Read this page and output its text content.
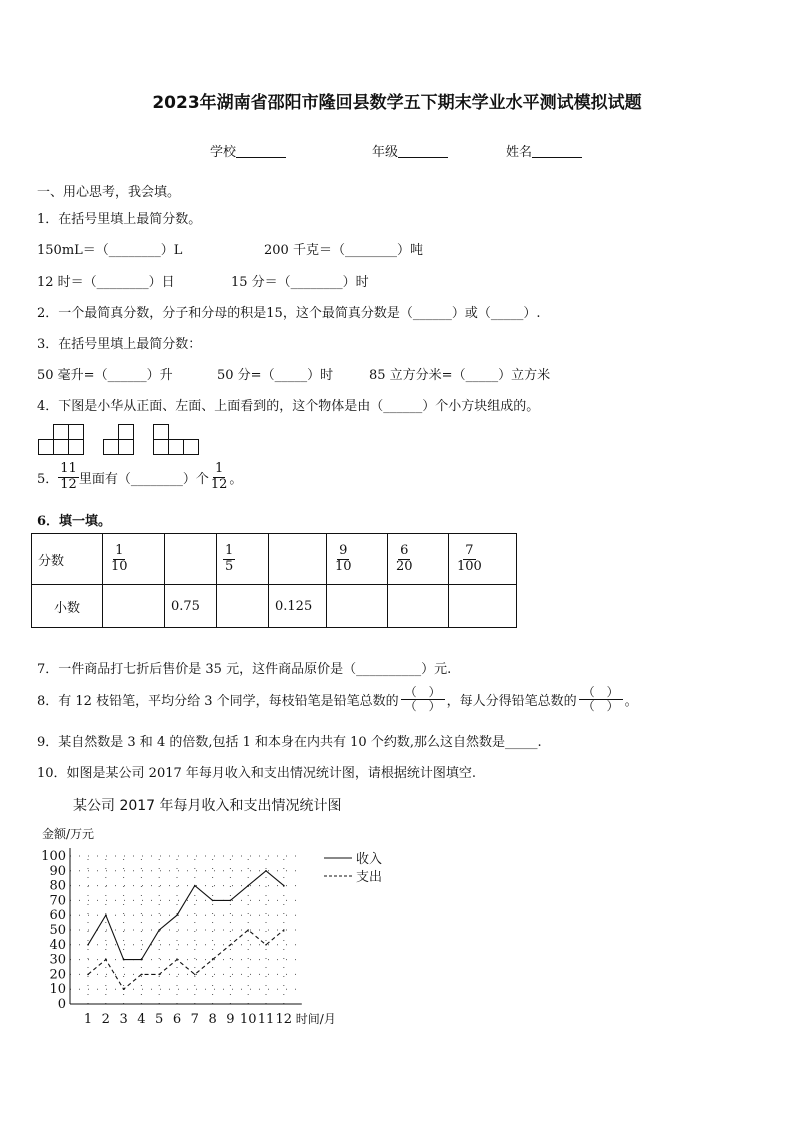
2023年湖南省邵阳市隆回县数学五下期末学业水平测试模拟试题
学校	年级	姓名
一、用心思考，我会填。
1．在括号里填上最简分数。
150mL＝（________）L	200 千克＝（________）吨
12 时＝（________）日	15 分＝（________）时
2．一个最简真分数，分子和分母的积是15，这个最简真分数是（______）或（_____）.
3．在括号里填上最简分数：
50 毫升=（______）升	50 分=（_____）时	85 立方分米=（_____）立方米
4．下图是小华从正面、左面、上面看到的，这个物体是由（______）个小方块组成的。
5． $\frac{11}{12}$ 里面有（________）个 $\frac{1}{12}$ 。
6．填一填。
分数	$\frac{1}{10}$		$\frac{1}{5}$		$\frac{9}{10}$	$\frac{6}{20}$	$\frac{7}{100}$

小数		0.75		0.125			
7．一件商品打七折后售价是 35 元，这件商品原价是（__________）元.
8．有 12 枝铅笔，平均分给 3 个同学，每枝铅笔是铅笔总数的 $\frac{( )}{( )}$ ，每人分得铅笔总数的 $\frac{( )}{( )}$ 。
9．某自然数是 3 和 4 的倍数,包括 1 和本身在内共有 10 个约数,那么这自然数是_____.
10．如图是某公司 2017 年每月收入和支出情况统计图，请根据统计图填空.
某公司 2017 年每月收入和支出情况统计图
金额/万元
0
10
20
30
40
50
60
70
80
90
100
1 2 3 4 5 6 7 8 9 10 11 12 时间/月
收入
支出
